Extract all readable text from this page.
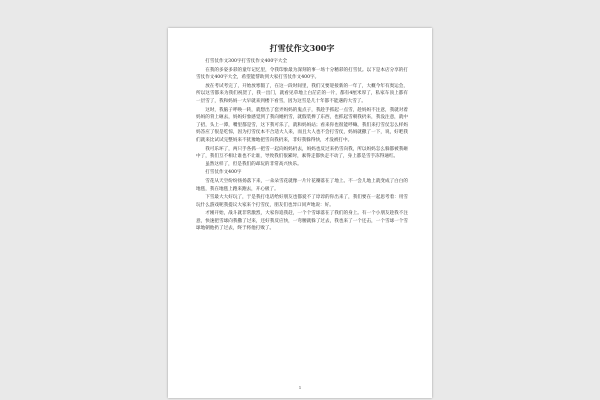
打雪仗作文300字

打雪仗作文300字打雪仗作文400字大全

在我的多姿多彩的童年记忆里，令我印象最为深刻的事一场十分精彩的打雪仗。以下是本店分享的打雪仗作文400字大全，希望能帮助到大家打雪仗作文400字。

放在考试考完了，开始放寒假了，在这一段时间里，我们又要迎接新的一年了，大概今年有奥运会，所以这雪都来为我们祝贺了，我一出门，就看见草地上白茫茫的一片，都有4厘米厚了，私家车顶上都有一层雪了，我和妈妈一大早就来到楼下看雪，因为这雪是几十年都不能遇的大雪了。

这时，我脑子呼唤一转，就想出了套弄妈妈的鬼点子，我趁手抓起一点雪，趁妈妈不注意，我就对着妈妈的背上砸去，妈妈好象感觉到了我向她扔雪，就假装捧了东西，也抓起雪朝我扔来，我没注意，就中了招，头上一潭，嘴里都是雪，这下我可乐了，就和妈妈站；看来你也很能呼嘛，我们来打雪仗怎么样妈妈答应了很是吃惊，因为打雪仗本不合适大人来，而且大人也不会打雪仗，妈妈就撒了一下，说，好吧我们就来比试试完整妈来不犹豫地把雪向我扔来，非好我躲得快，才没被打中。

我可乐坏了，两只手各抓一把雪一起向妈妈扔去，妈妈也反过来扔雪向我，所以妈妈怎么躲都被我砸中了，我们互不相让谁也不让谁，导致我们很累时，素得走都快走不动了，身上都是雪手冻得通红。

虽然这样了，但是我们的却玩的非常高兴快乐。

打雪仗作文400字

雪花从天空纷纷扬扬落下来，一朵朵雪花就像一片片花瓣落在了地上。不一会儿地上就变成了白白的地毯，我在地毯上跑来跑去，开心极了。

下雪最大大好玩了，于是我打电话给好朋友也都爱不了谆谆的你出来了，我们要在一起思考着：用雪玩什么游戏呢我提议大家来个打雪仗，朋友们也异口同声地说：好。

才刚开始，战斗就非常激烈，大家你追我赶，一个个雪球落在了我们的身上。有一个小朋友趁我不注意，快速把雪球向我撒了过来，还好我反应快，一弯腰就躲了过去，我也来了一个还击，一个雪球一个雪球地朝他扔了过去，终于将他打败了。

1
